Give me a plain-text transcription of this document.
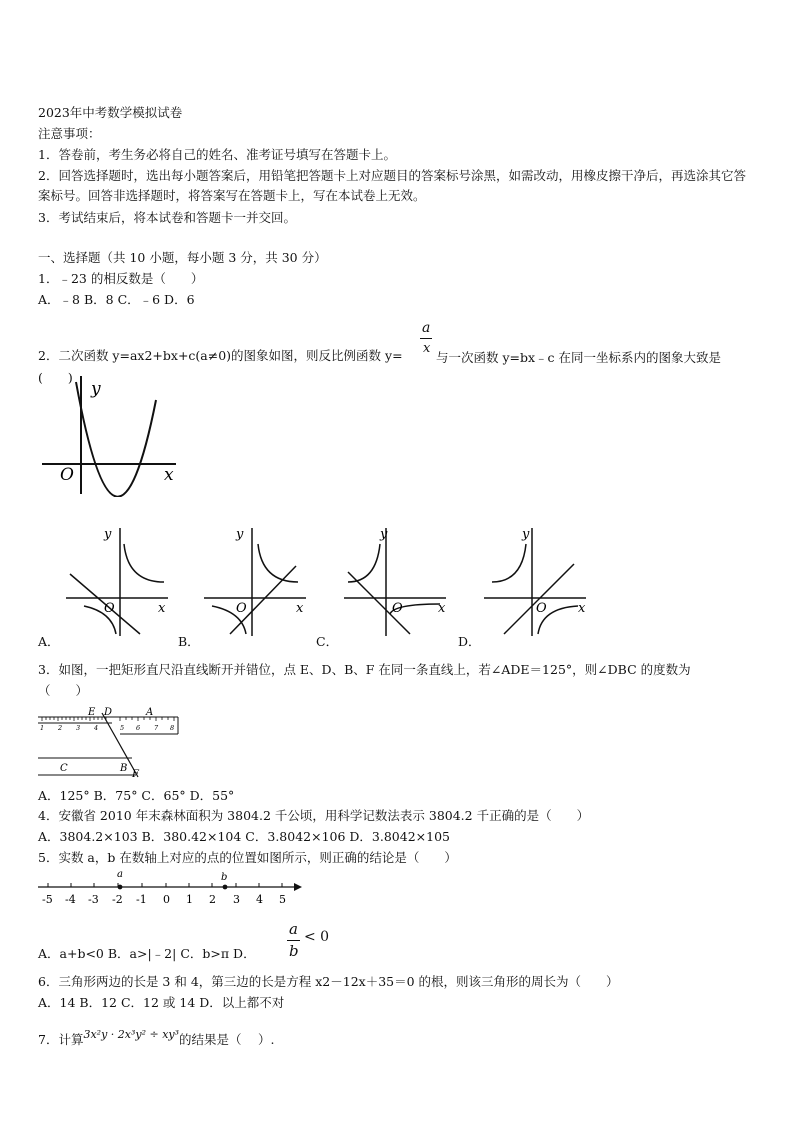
2023年中考数学模拟试卷
注意事项：
1．答卷前，考生务必将自己的姓名、准考证号填写在答题卡上。
2．回答选择题时，选出每小题答案后，用铅笔把答题卡上对应题目的答案标号涂黑，如需改动，用橡皮擦干净后，再选涂其它答案标号。回答非选择题时，将答案写在答题卡上，写在本试卷上无效。
3．考试结束后，将本试卷和答题卡一并交回。
一、选择题（共 10 小题，每小题 3 分，共 30 分）
1．﹣23 的相反数是（　　）
A．﹣8 B．8 C．﹣6 D．6
2．二次函数 y=ax2+bx+c(a≠0)的图象如图，则反比例函数 y=
a
x
与一次函数 y=bx﹣c 在同一坐标系内的图象大致是
(　　)
y
x
O
y
x
O
A．
y
x
O
B．
y
x
O
C．
y
x
O
D．
3．如图，一把矩形直尺沿直线断开并错位，点 E、D、B、F 在同一条直线上，若∠ADE＝125°，则∠DBC 的度数为
（　　）
1 2 3 4	5 6 7 8
E D	A
C	B
F
A．125° B．75° C．65° D．55°
4．安徽省 2010 年末森林面积为 3804.2 千公顷，用科学记数法表示 3804.2 千正确的是（　　）
A．3804.2×103 B．380.42×104 C．3.8042×106 D．3.8042×105
5．实数 a，b 在数轴上对应的点的位置如图所示，则正确的结论是（　　）
a	b
-5 -4 -3 -2 -1 0 1 2 3 4 5
A．a+b<0 B．a>|﹣2| C．b>π D．
a
b
< 0
6．三角形两边的长是 3 和 4，第三边的长是方程 x2－12x＋35＝0 的根，则该三角形的周长为（　　）
A．14 B．12 C．12 或 14 D．以上都不对
7．计算3x²y · 2x³y² ÷ xy³的结果是（　 ）.
